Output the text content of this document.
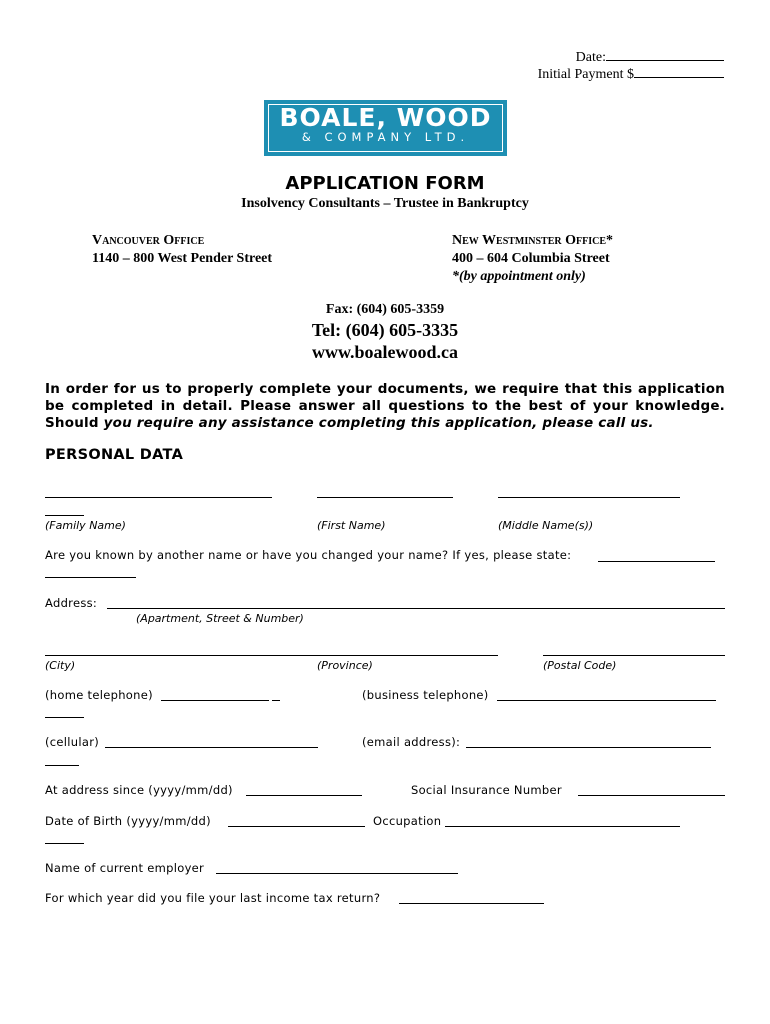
Date:
Initial Payment $
BOALE, WOOD
& COMPANY LTD.
APPLICATION FORM
Insolvency Consultants – Trustee in Bankruptcy
Vancouver Office
1140 – 800 West Pender Street
New Westminster Office*
400 – 604 Columbia Street
*(by appointment only)
Fax: (604) 605-3359
Tel: (604) 605-3335
www.boalewood.ca
In order for us to properly complete your documents, we require that this application be completed in detail. Please answer all questions to the best of your knowledge. Should you require any assistance completing this application, please call us.
PERSONAL DATA
(Family Name)	(First Name)	(Middle Name(s))
Are you known by another name or have you changed your name? If yes, please state:
Address:
(Apartment, Street & Number)
(City)	(Province)	(Postal Code)
(home telephone)	(business telephone)
(cellular)	(email address):
At address since (yyyy/mm/dd)	Social Insurance Number
Date of Birth (yyyy/mm/dd)	Occupation
Name of current employer
For which year did you file your last income tax return?
